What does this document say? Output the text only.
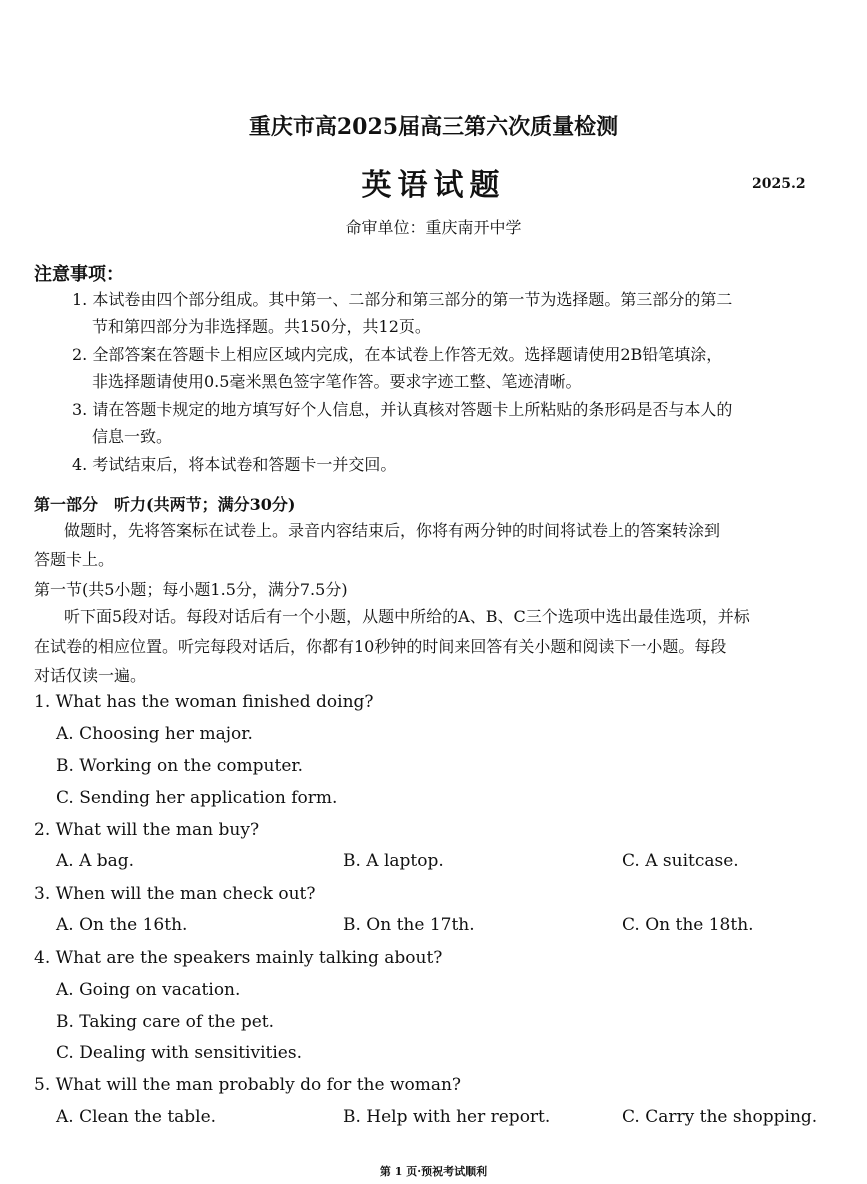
重庆市高2025届高三第六次质量检测
英语试题	2025.2
命审单位：重庆南开中学
注意事项：
1. 本试卷由四个部分组成。其中第一、二部分和第三部分的第一节为选择题。第三部分的第二
节和第四部分为非选择题。共150分，共12页。
2. 全部答案在答题卡上相应区域内完成，在本试卷上作答无效。选择题请使用2B铅笔填涂，
非选择题请使用0.5毫米黑色签字笔作答。要求字迹工整、笔迹清晰。
3. 请在答题卡规定的地方填写好个人信息，并认真核对答题卡上所粘贴的条形码是否与本人的
信息一致。
4. 考试结束后，将本试卷和答题卡一并交回。
第一部分　听力(共两节；满分30分)
做题时，先将答案标在试卷上。录音内容结束后，你将有两分钟的时间将试卷上的答案转涂到
答题卡上。
第一节(共5小题；每小题1.5分，满分7.5分)
听下面5段对话。每段对话后有一个小题，从题中所给的A、B、C三个选项中选出最佳选项，并标
在试卷的相应位置。听完每段对话后，你都有10秒钟的时间来回答有关小题和阅读下一小题。每段
对话仅读一遍。
1. What has the woman finished doing?
A. Choosing her major.
B. Working on the computer.
C. Sending her application form.
2. What will the man buy?
A. A bag.	B. A laptop.	C. A suitcase.
3. When will the man check out?
A. On the 16th.	B. On the 17th.	C. On the 18th.
4. What are the speakers mainly talking about?
A. Going on vacation.
B. Taking care of the pet.
C. Dealing with sensitivities.
5. What will the man probably do for the woman?
A. Clean the table.	B. Help with her report.	C. Carry the shopping.
第 1 页·预祝考试顺利
